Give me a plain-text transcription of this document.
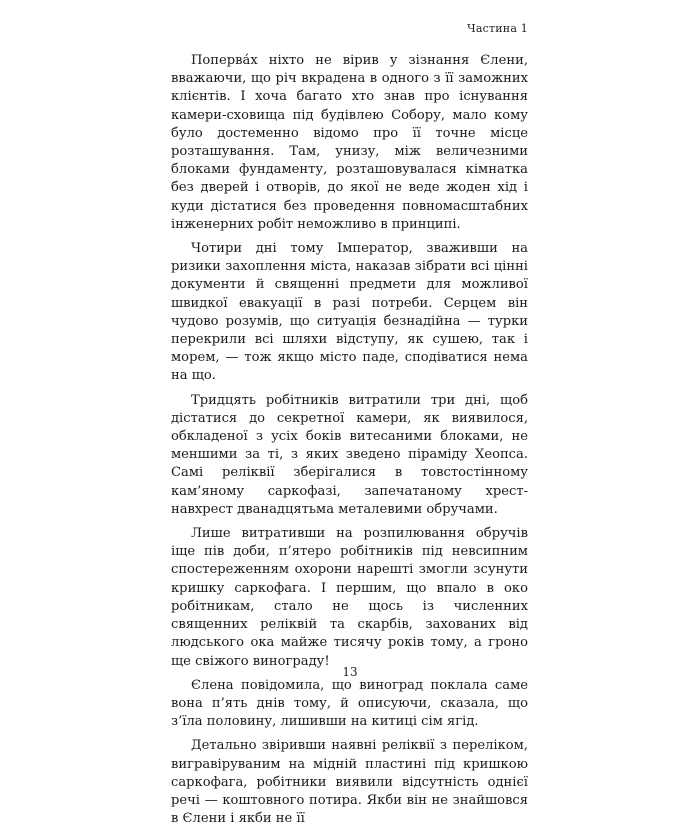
Частина 1

Поперва́х ніхто не вірив у зізнання Єлени, вважаючи, що річ вкрадена в одного з її заможних клієнтів. І хоча багато хто знав про існування камери-сховища під будівлею Собору, мало кому було достеменно відомо про її точне місце розташування. Там, унизу, між величезними блоками фундаменту, розташовувалася кімнатка без дверей і отворів, до якої не веде жоден хід і куди дістатися без проведення повномасштабних інженерних робіт неможливо в принципі.

Чотири дні тому Імператор, зваживши на ризики захоплення міста, наказав зібрати всі цінні документи й священні предмети для можливої швидкої евакуації в разі потреби. Серцем він чудово розумів, що ситуація безнадійна — турки перекрили всі шляхи відступу, як сушею, так і морем, — тож якщо місто паде, сподіватися нема на що.

Тридцять робітників витратили три дні, щоб дістатися до секретної камери, як виявилося, обкладеної з усіх боків витесаними блоками, не меншими за ті, з яких зведено піраміду Хеопса. Самі реліквії зберігалися в товстостінному кам’яному саркофазі, запечатаному хрест-навхрест дванадцятьма металевими обручами.

Лише витративши на розпилювання обручів іще пів доби, п’ятеро робітників під невсипним спостереженням охорони нарешті змогли зсунути кришку саркофага. І першим, що впало в око робітникам, стало не щось із численних священних реліквій та скарбів, захованих від людського ока майже тисячу років тому, а гроно ще свіжого винограду!

Єлена повідомила, що виноград поклала саме вона п’ять днів тому, й описуючи, сказала, що з’їла половину, лишивши на китиці сім ягід.

Детально звіривши наявні реліквії з переліком, вигравіруваним на мідній пластині під кришкою саркофага, робітники виявили відсутність однієї речі — коштовного потира. Якби він не знайшовся в Єлени і якби не її

13
